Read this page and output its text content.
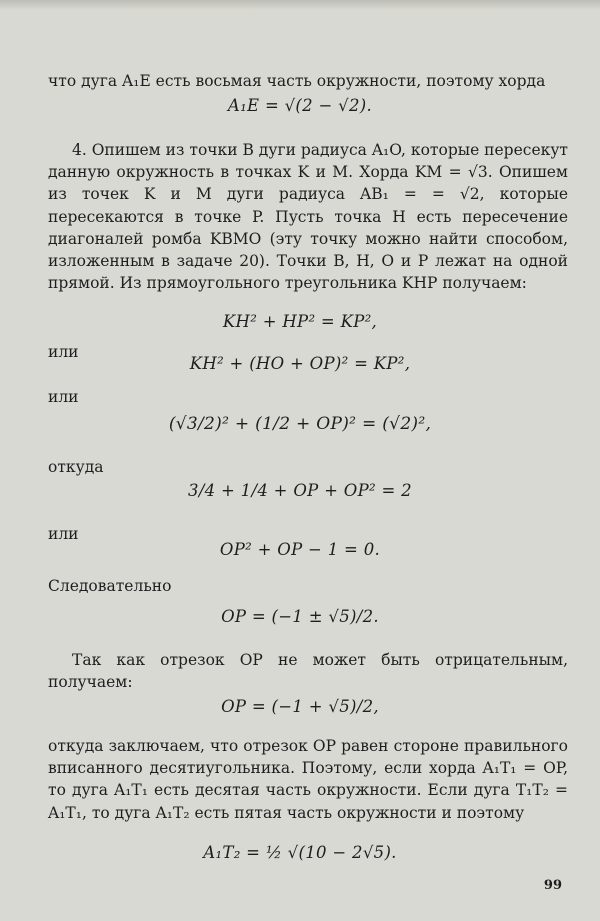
что дуга A₁E есть восьмая часть окружности, поэтому хорда
A₁E = √(2 − √2).
4. Опишем из точки B дуги радиуса A₁O, которые пересекут данную окружность в точках K и M. Хорда KM = √3. Опишем из точек K и M дуги радиуса AB₁ = = √2, которые пересекаются в точке P. Пусть точка H есть пересечение диагоналей ромба KBMO (эту точку можно найти способом, изложенным в задаче 20). Точки B, H, O и P лежат на одной прямой. Из прямоугольного треугольника KHP получаем:
KH² + HP² = KP²,
или
KH² + (HO + OP)² = KP²,
или
(√3/2)² + (1/2 + OP)² = (√2)²,
откуда
3/4 + 1/4 + OP + OP² = 2
или
OP² + OP − 1 = 0.
Следовательно
OP = (−1 ± √5)/2.
Так как отрезок OP не может быть отрицательным, получаем:
OP = (−1 + √5)/2,
откуда заключаем, что отрезок OP равен стороне правильного вписанного десятиугольника. Поэтому, если хорда A₁T₁ = OP, то дуга A₁T₁ есть десятая часть окружности. Если дуга T₁T₂ = A₁T₁, то дуга A₁T₂ есть пятая часть окружности и поэтому
A₁T₂ = ½ √(10 − 2√5).
99
